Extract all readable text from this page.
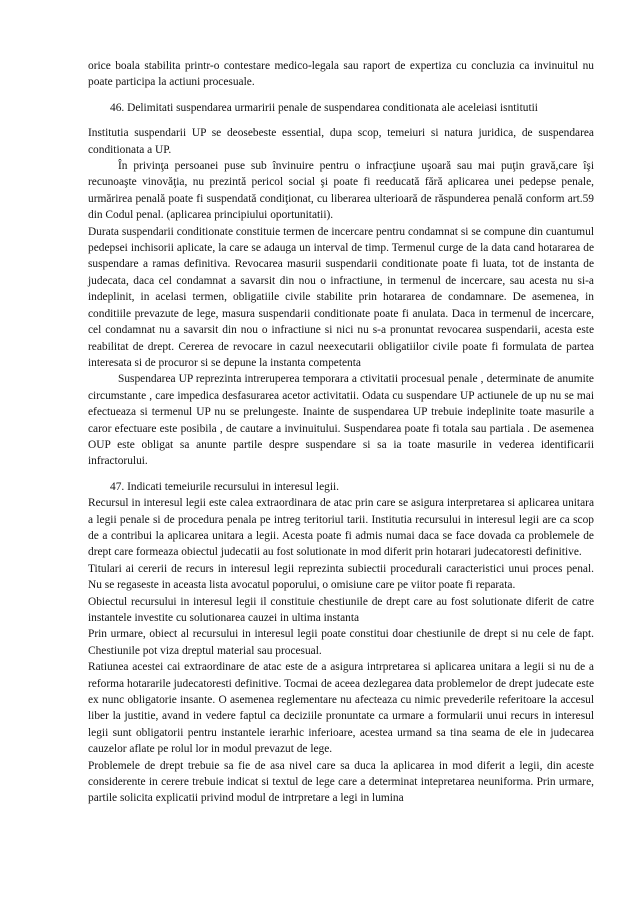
orice boala stabilita printr-o contestare medico-legala sau raport de expertiza cu concluzia ca invinuitul nu poate participa la actiuni procesuale.

46. Delimitati suspendarea urmaririi penale de suspendarea conditionata ale aceleiasi isntitutii

Institutia suspendarii UP se deosebeste essential, dupa scop, temeiuri si natura juridica, de suspendarea conditionata a UP.

În privinţa persoanei puse sub învinuire pentru o infracţiune uşoară sau mai puţin gravă,care îşi recunoaşte vinovăţia, nu prezintă pericol social şi poate fi reeducată fără aplicarea unei pedepse penale, urmărirea penală poate fi suspendată condiţionat, cu liberarea ulterioară de răspunderea penală conform art.59 din Codul penal. (aplicarea principiului oportunitatii).

Durata suspendarii conditionate constituie termen de incercare pentru condamnat si se compune din cuantumul pedepsei inchisorii aplicate, la care se adauga un interval de timp. Termenul curge de la data cand hotararea de suspendare a ramas definitiva. Revocarea masurii suspendarii conditionate poate fi luata, tot de instanta de judecata, daca cel condamnat a savarsit din nou o infractiune, in termenul de incercare, sau acesta nu si-a indeplinit, in acelasi termen, obligatiile civile stabilite prin hotararea de condamnare. De asemenea, in conditiile prevazute de lege, masura suspendarii conditionate poate fi anulata. Daca in termenul de incercare, cel condamnat nu a savarsit din nou o infractiune si nici nu s-a pronuntat revocarea suspendarii, acesta este reabilitat de drept. Cererea de revocare in cazul neexecutarii obligatiilor civile poate fi formulata de partea interesata si de procuror si se depune la instanta competenta

Suspendarea UP reprezinta intreruperea temporara a ctivitatii procesual penale , determinate de anumite circumstante , care impedica desfasurarea acetor activitatii. Odata cu suspendare UP actiunele de up nu se mai efectueaza si termenul UP nu se prelungeste. Inainte de suspendarea UP trebuie indeplinite toate masurile a caror efectuare este posibila , de cautare a invinuitului. Suspendarea poate fi totala sau partiala . De asemenea OUP este obligat sa anunte partile despre suspendare si sa ia toate masurile in vederea identificarii infractorului.

47. Indicati temeiurile recursului in interesul legii.

Recursul in interesul legii este calea extraordinara de atac prin care se asigura interpretarea si aplicarea unitara a legii penale si de procedura penala pe intreg teritoriul tarii. Institutia recursului in interesul legii are ca scop de a contribui la aplicarea unitara a legii. Acesta poate fi admis numai daca se face dovada ca problemele de drept care formeaza obiectul judecatii au fost solutionate in mod diferit prin hotarari judecatoresti definitive.

Titulari ai cererii de recurs in interesul legii reprezinta subiectii procedurali caracteristici unui proces penal. Nu se regaseste in aceasta lista avocatul poporului, o omisiune care pe viitor poate fi reparata.

Obiectul recursului in interesul legii il constituie chestiunile de drept care au fost solutionate diferit de catre instantele investite cu solutionarea cauzei in ultima instanta

Prin urmare, obiect al recursului in interesul legii poate constitui doar chestiunile de drept si nu cele de fapt. Chestiunile pot viza dreptul material sau procesual.

Ratiunea acestei cai extraordinare de atac este de a asigura intrpretarea si aplicarea unitara a legii si nu de a reforma hotararile judecatoresti definitive. Tocmai de aceea dezlegarea data problemelor de drept judecate este ex nunc obligatorie insante. O asemenea reglementare nu afecteaza cu nimic prevederile referitoare la accesul liber la justitie, avand in vedere faptul ca deciziile pronuntate ca urmare a formularii unui recurs in interesul legii sunt obligatorii pentru instantele ierarhic inferioare, acestea urmand sa tina seama de ele in judecarea cauzelor aflate pe rolul lor in modul prevazut de lege.

Problemele de drept trebuie sa fie de asa nivel care sa duca la aplicarea in mod diferit a legii, din aceste considerente in cerere trebuie indicat si textul de lege care a determinat intepretarea neuniforma. Prin urmare, partile solicita explicatii privind modul de intrpretare a legi in lumina
